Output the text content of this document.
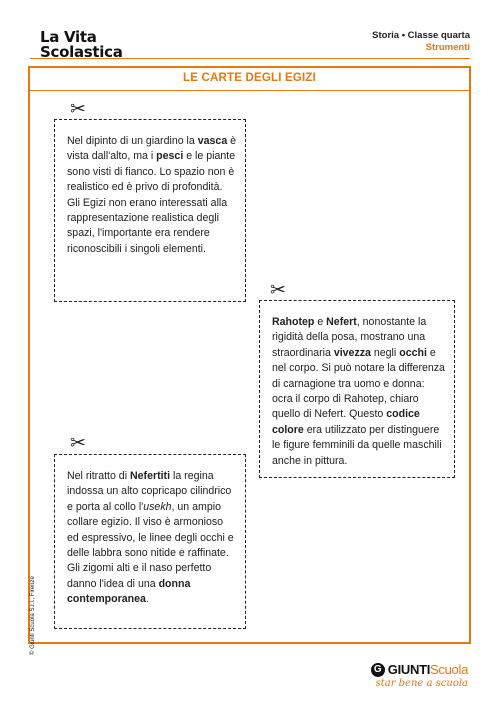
La Vita
Scolastica
Storia • Classe quarta
Strumenti
LE CARTE DEGLI EGIZI
✂
Nel dipinto di un giardino la vasca è vista dall'alto, ma i pesci e le piante sono visti di fianco. Lo spazio non è realistico ed è privo di profondità. Gli Egizi non erano interessati alla rappresentazione realistica degli spazi, l'importante era rendere riconoscibili i singoli elementi.
✂
Rahotep e Nefert, nonostante la rigidità della posa, mostrano una straordinaria vivezza negli occhi e nel corpo. Si può notare la differenza di carnagione tra uomo e donna: ocra il corpo di Rahotep, chiaro quello di Nefert. Questo codice colore era utilizzato per distinguere le figure femminili da quelle maschili anche in pittura.
✂
Nel ritratto di Nefertiti la regina indossa un alto copricapo cilindrico e porta al collo l'usekh, un ampio collare egizio. Il viso è armonioso ed espressivo, le linee degli occhi e delle labbra sono nitide e raffinate. Gli zigomi alti e il naso perfetto danno l'idea di una donna contemporanea.
© Giunti Scuola S.r.l., Firenze
G GIUNTIScuola
star bene a scuola
